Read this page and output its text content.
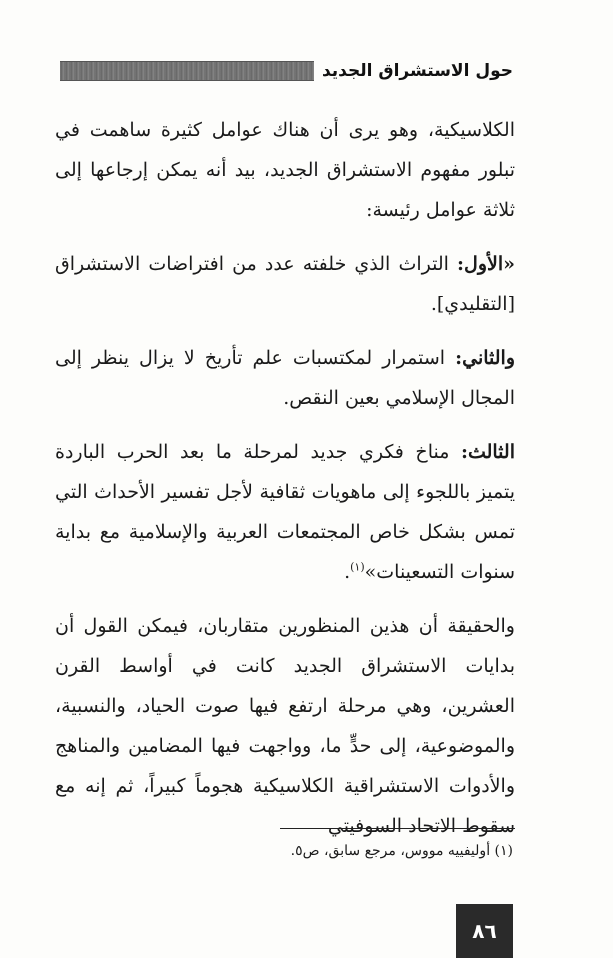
حول الاستشراق الجديد

الكلاسيكية، وهو يرى أن هناك عوامل كثيرة ساهمت في تبلور مفهوم الاستشراق الجديد، بيد أنه يمكن إرجاعها إلى ثلاثة عوامل رئيسة:

«الأول: التراث الذي خلفته عدد من افتراضات الاستشراق [التقليدي].

والثاني: استمرار لمكتسبات علم تأريخ لا يزال ينظر إلى المجال الإسلامي بعين النقص.

الثالث: مناخ فكري جديد لمرحلة ما بعد الحرب الباردة يتميز باللجوء إلى ماهويات ثقافية لأجل تفسير الأحداث التي تمس بشكل خاص المجتمعات العربية والإسلامية مع بداية سنوات التسعينات»$^{(١)}$.

والحقيقة أن هذين المنظورين متقاربان، فيمكن القول أن بدايات الاستشراق الجديد كانت في أواسط القرن العشرين، وهي مرحلة ارتفع فيها صوت الحياد، والنسبية، والموضوعية، إلى حدٍّ ما، وواجهت فيها المضامين والمناهج والأدوات الاستشراقية الكلاسيكية هجوماً كبيراً، ثم إنه مع سقوط الاتحاد السوفيتي

(١) أوليفييه مووس، مرجع سابق، ص٥.
٨٦
